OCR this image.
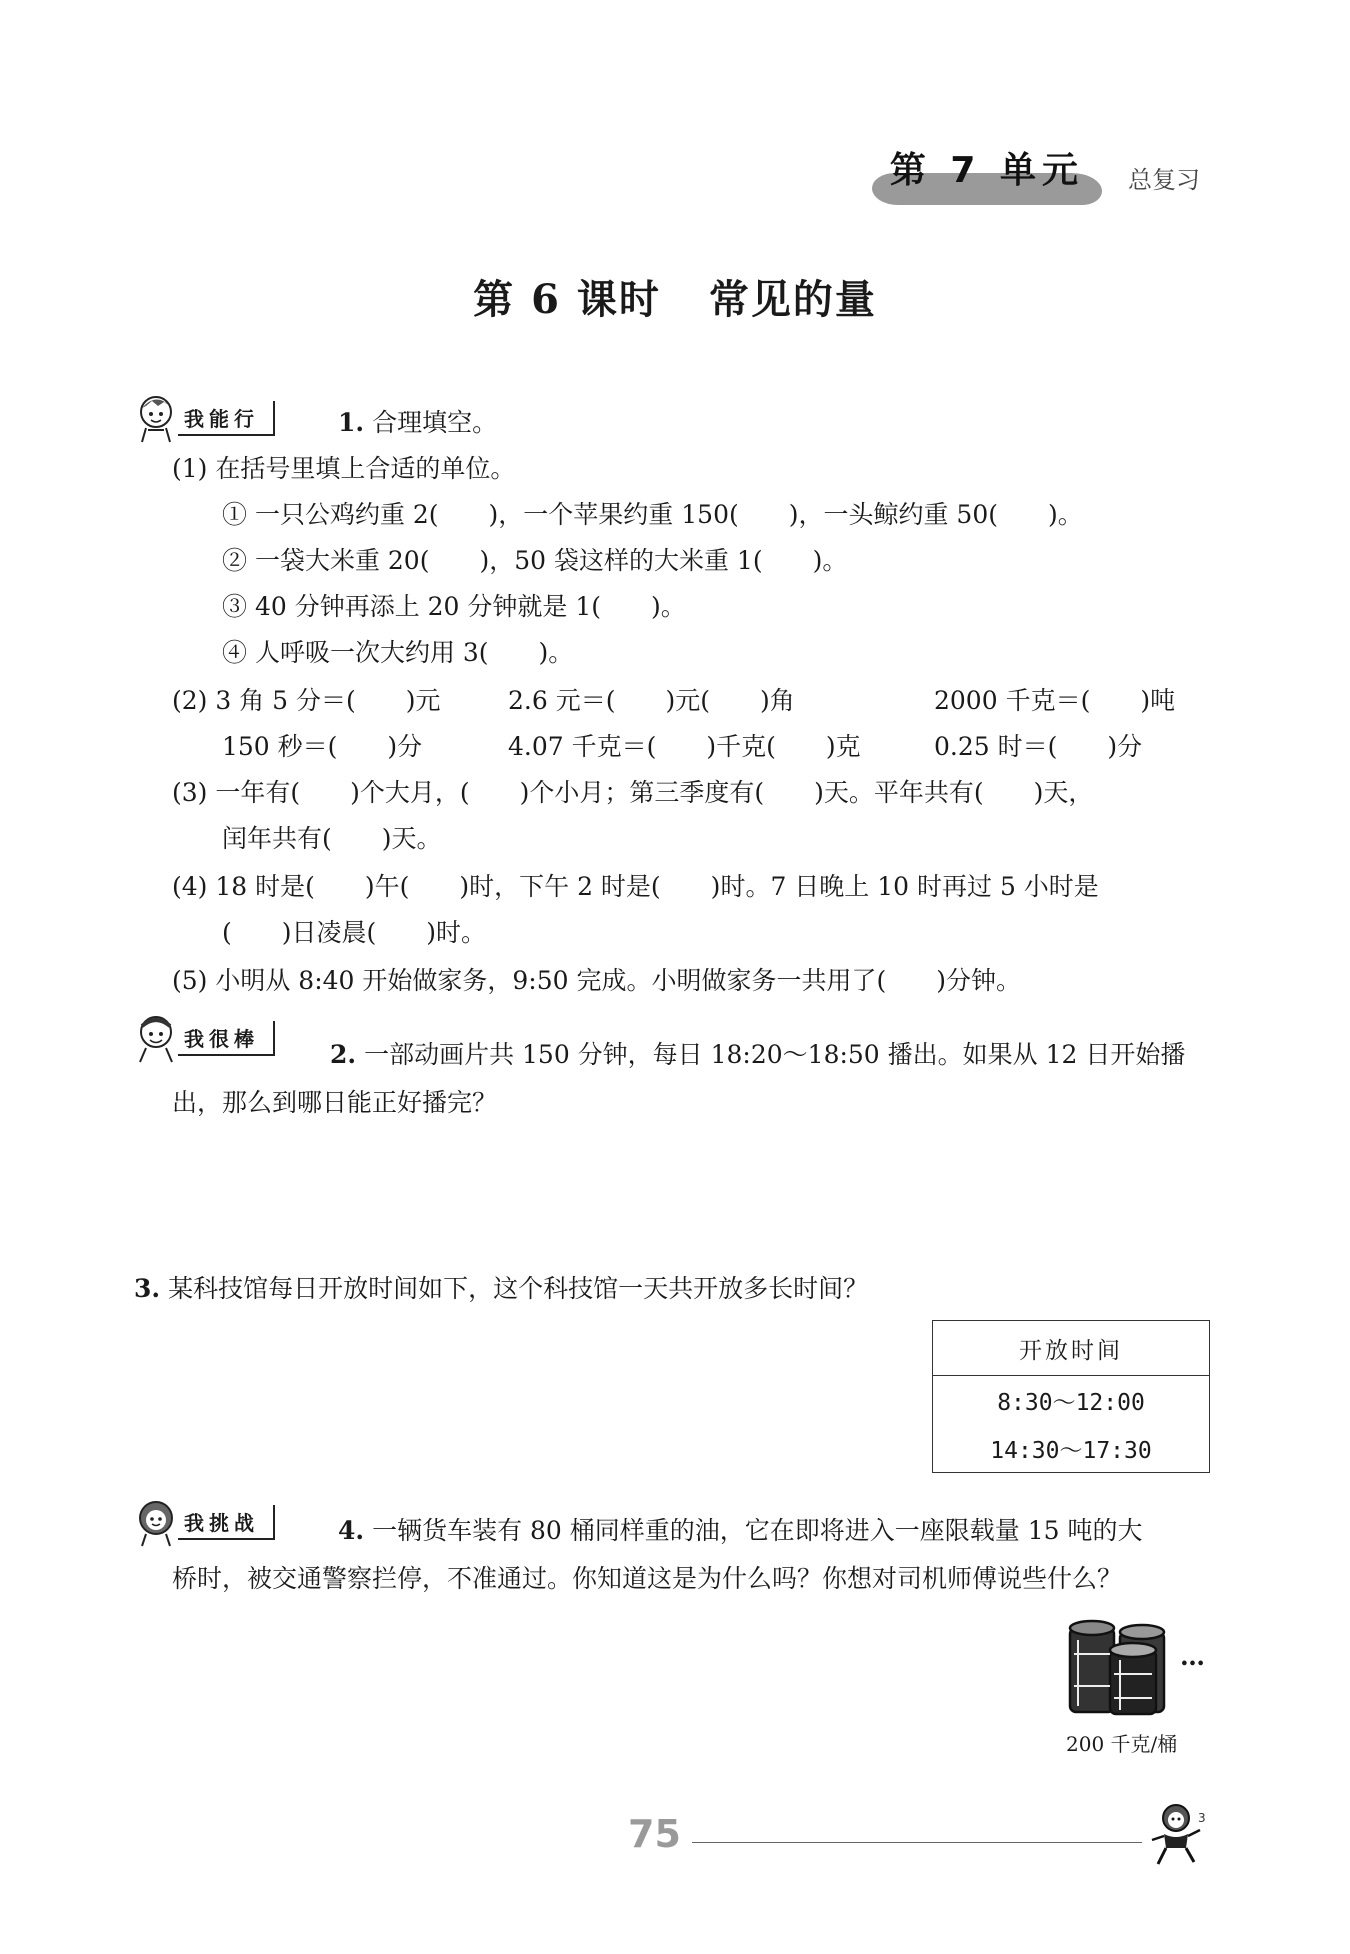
第 7 单元	总复习
第 6 课时 常见的量
我能行	1. 合理填空。
(1) 在括号里填上合适的单位。
① 一只公鸡约重 2(　　)，一个苹果约重 150(　　)，一头鲸约重 50(　　)。
② 一袋大米重 20(　　)，50 袋这样的大米重 1(　　)。
③ 40 分钟再添上 20 分钟就是 1(　　)。
④ 人呼吸一次大约用 3(　　)。
(2) 3 角 5 分＝(　　)元	2.6 元＝(　　)元(　　)角	2000 千克＝(　　)吨
150 秒＝(　　)分	4.07 千克＝(　　)千克(　　)克	0.25 时＝(　　)分
(3) 一年有(　　)个大月，(　　)个小月；第三季度有(　　)天。平年共有(　　)天，
闰年共有(　　)天。
(4) 18 时是(　　)午(　　)时，下午 2 时是(　　)时。7 日晚上 10 时再过 5 小时是
(　　)日凌晨(　　)时。
(5) 小明从 8:40 开始做家务，9:50 完成。小明做家务一共用了(　　)分钟。
我很棒
2. 一部动画片共 150 分钟，每日 18:20～18:50 播出。如果从 12 日开始播
出，那么到哪日能正好播完？
3. 某科技馆每日开放时间如下，这个科技馆一天共开放多长时间？
开放时间
8:30～12:00
14:30～17:30
我挑战	4. 一辆货车装有 80 桶同样重的油，它在即将进入一座限载量 15 吨的大
桥时，被交通警察拦停，不准通过。你知道这是为什么吗？你想对司机师傅说些什么？
…
200 千克/桶
75	3
